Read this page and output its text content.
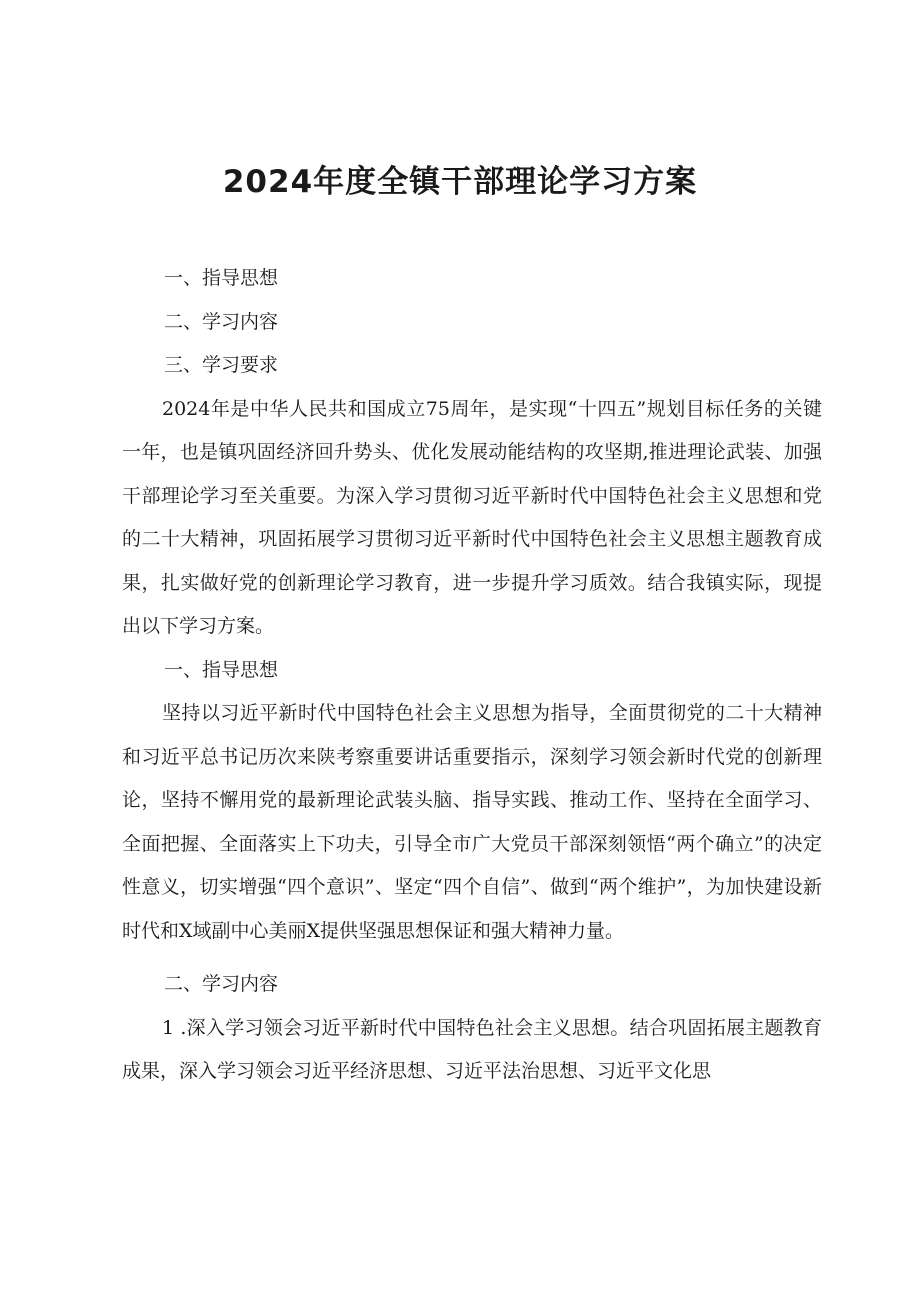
2024年度全镇干部理论学习方案

一、指导思想

二、学习内容

三、学习要求

2024年是中华人民共和国成立75周年，是实现“十四五”规划目标任务的关键一年，也是镇巩固经济回升势头、优化发展动能结构的攻坚期,推进理论武装、加强干部理论学习至关重要。为深入学习贯彻习近平新时代中国特色社会主义思想和党的二十大精神，巩固拓展学习贯彻习近平新时代中国特色社会主义思想主题教育成果，扎实做好党的创新理论学习教育，进一步提升学习质效。结合我镇实际，现提出以下学习方案。

一、指导思想

坚持以习近平新时代中国特色社会主义思想为指导，全面贯彻党的二十大精神和习近平总书记历次来陕考察重要讲话重要指示，深刻学习领会新时代党的创新理论，坚持不懈用党的最新理论武装头脑、指导实践、推动工作、坚持在全面学习、全面把握、全面落实上下功夫，引导全市广大党员干部深刻领悟“两个确立”的决定性意义，切实增强“四个意识”、坚定“四个自信”、做到“两个维护”，为加快建设新时代和X域副中心美丽X提供坚强思想保证和强大精神力量。

二、学习内容

1 .深入学习领会习近平新时代中国特色社会主义思想。结合巩固拓展主题教育成果，深入学习领会习近平经济思想、习近平法治思想、习近平文化思
